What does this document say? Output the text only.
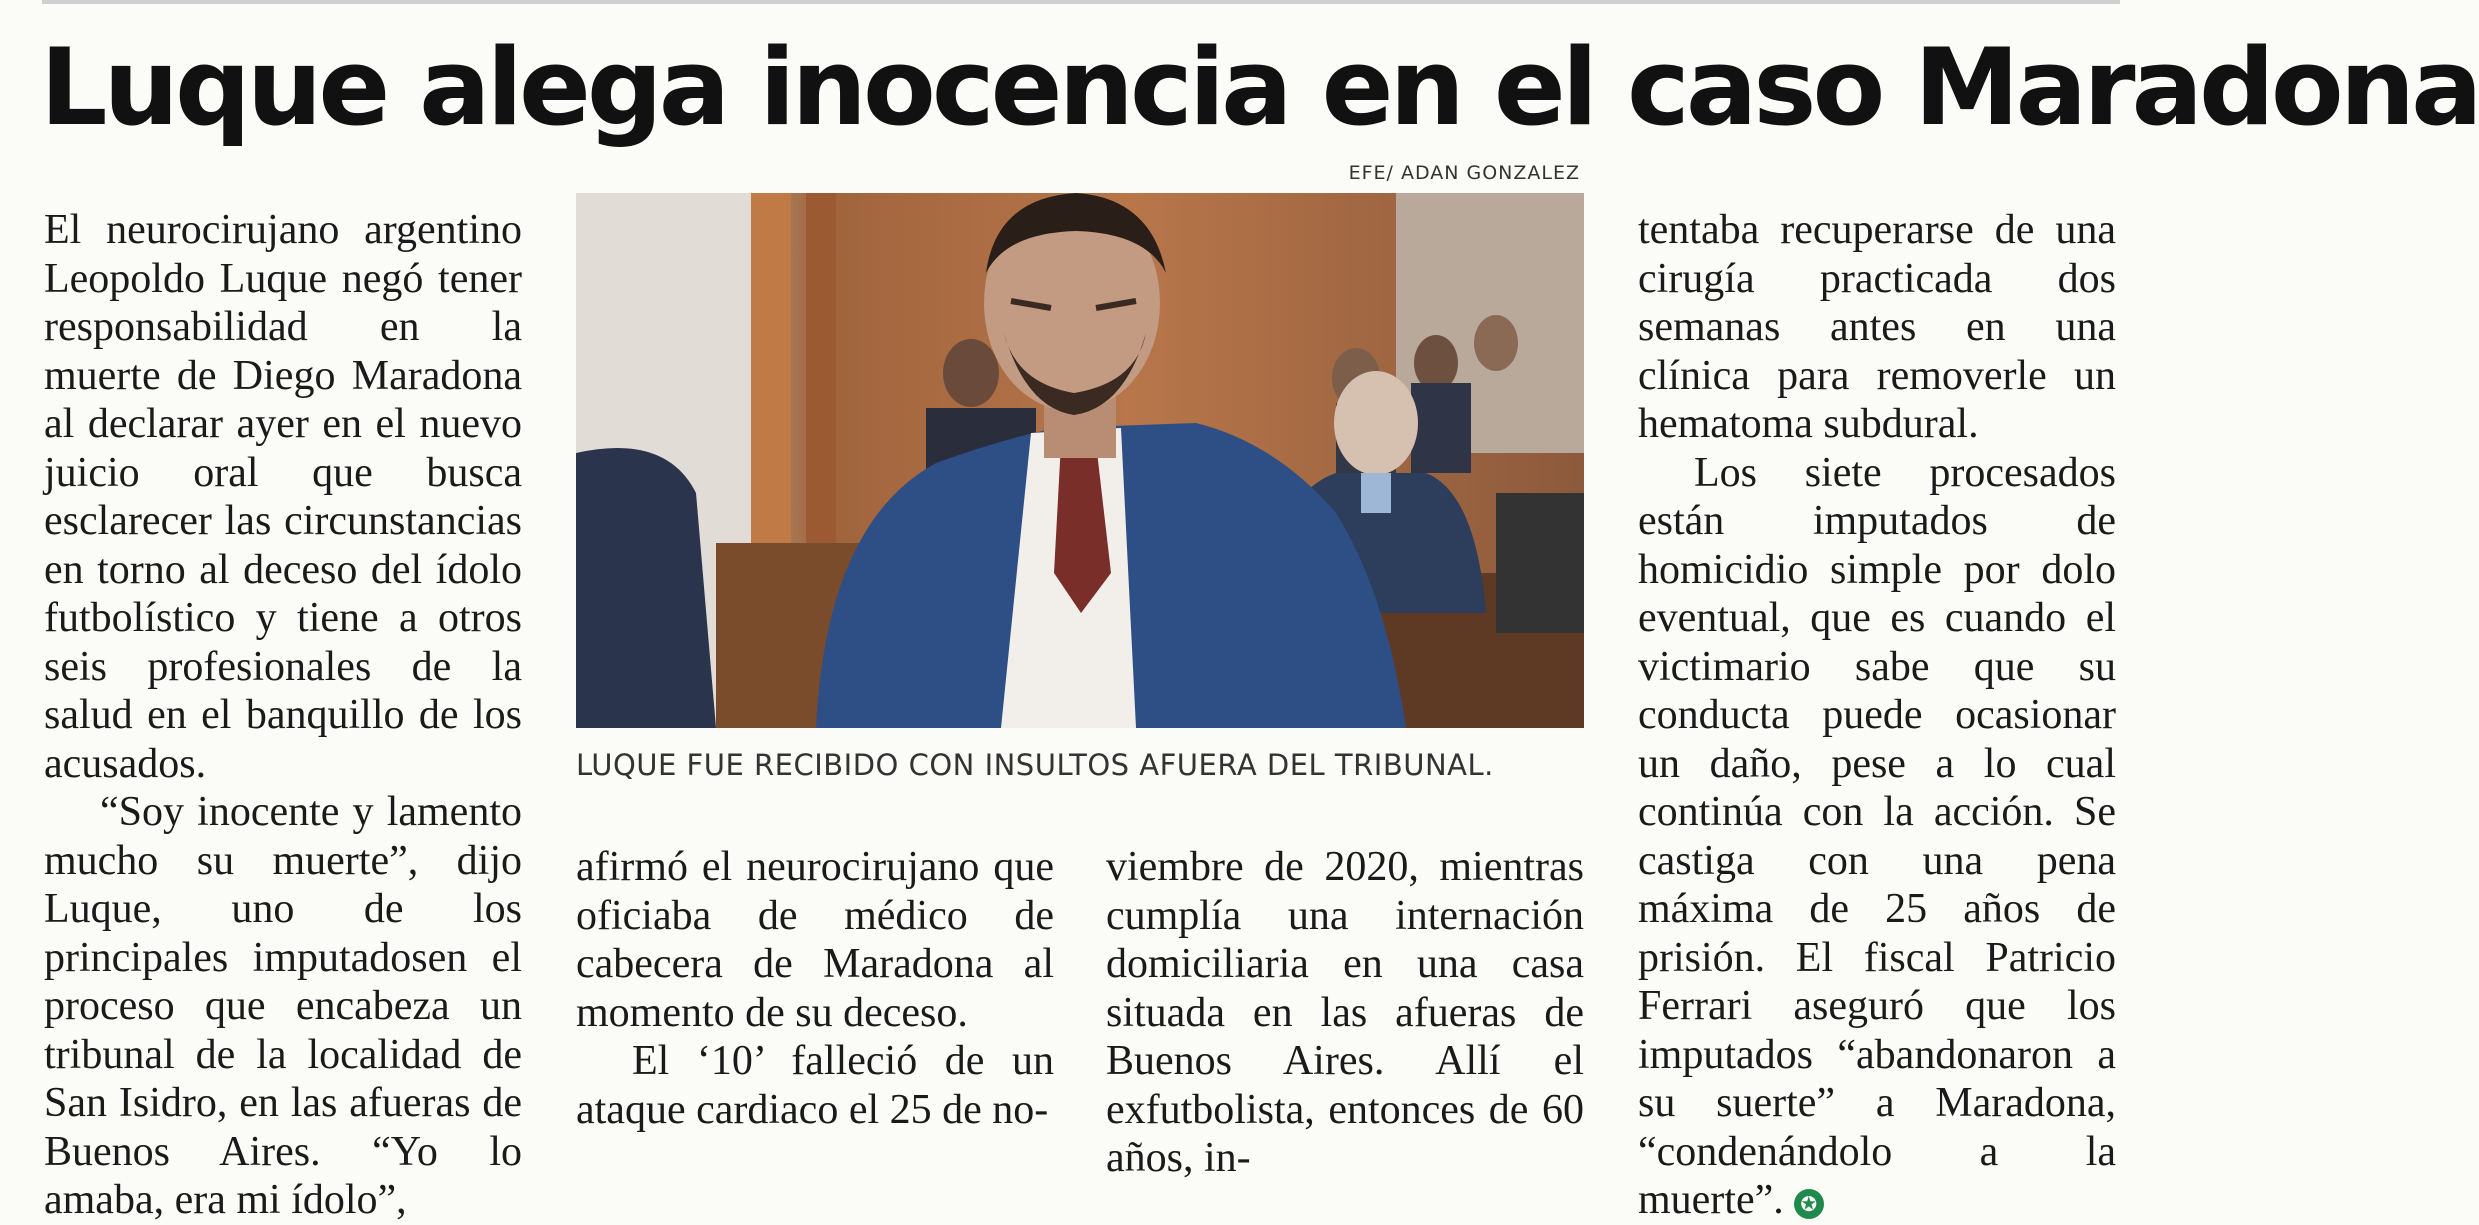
Luque alega inocencia en el caso Maradona

El neurocirujano argentino Leopoldo Luque negó tener responsabilidad en la muerte de Diego Maradona al declarar ayer en el nuevo juicio oral que busca esclarecer las circunstancias en torno al deceso del ídolo futbolístico y tiene a otros seis profesionales de la salud en el banquillo de los acusados.

“Soy inocente y lamento mucho su muerte”, dijo Luque, uno de los principales imputadosen el proceso que encabeza un tribunal de la localidad de San Isidro, en las afueras de Buenos Aires. “Yo lo amaba, era mi ídolo”,

EFE/ ADAN GONZALEZ
LUQUE FUE RECIBIDO CON INSULTOS AFUERA DEL TRIBUNAL.

afirmó el neurocirujano que oficiaba de médico de cabecera de Maradona al momento de su deceso.

El ‘10’ falleció de un ataque cardiaco el 25 de no-

viembre de 2020, mientras cumplía una internación domiciliaria en una casa situada en las afueras de Buenos Aires. Allí el exfutbolista, entonces de 60 años, in-

tentaba recuperarse de una cirugía practicada dos semanas antes en una clínica para removerle un hematoma subdural.

Los siete procesados están imputados de homicidio simple por dolo eventual, que es cuando el victimario sabe que su conducta puede ocasionar un daño, pese a lo cual continúa con la acción. Se castiga con una pena máxima de 25 años de prisión. El fiscal Patricio Ferrari aseguró que los imputados “abandonaron a su suerte” a Maradona, “condenándolo a la muerte”. ✪
